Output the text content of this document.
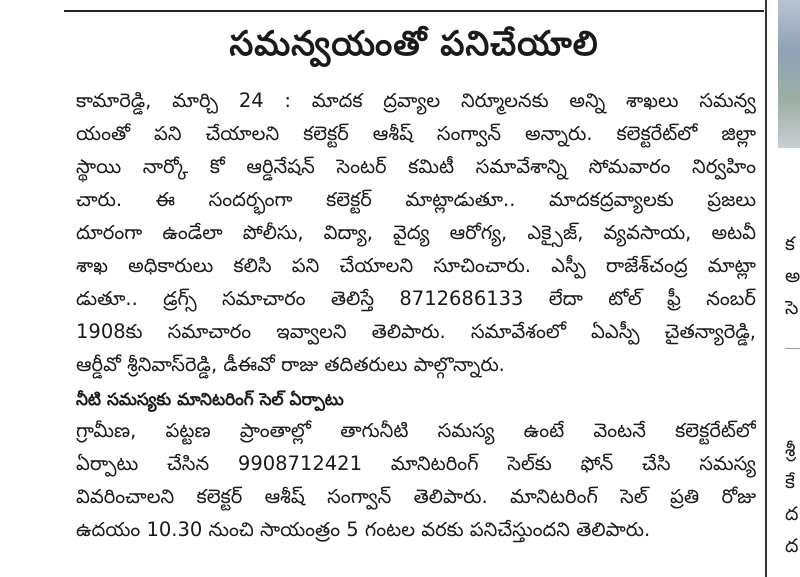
సమన్వయంతో పనిచేయాలి
కామారెడ్డి, మార్చి 24 : మాదక ద్రవ్యాల నిర్మూలనకు అన్ని శాఖలు సమన్వ
యంతో పని చేయాలని కలెక్టర్ ఆశీష్ సంగ్వాన్ అన్నారు. కలెక్టరేట్‌లో జిల్లా
స్థాయి నార్కో కో ఆర్డినేషన్ సెంటర్ కమిటీ సమావేశాన్ని సోమవారం నిర్వహిం
చారు. ఈ సందర్భంగా కలెక్టర్ మాట్లాడుతూ.. మాదకద్రవ్యాలకు ప్రజలు
దూరంగా ఉండేలా పోలీసు, విద్యా, వైద్య ఆరోగ్య, ఎక్సైజ్, వ్యవసాయ, అటవీ
శాఖ అధికారులు కలిసి పని చేయాలని సూచించారు. ఎస్పీ రాజేశ్‌చంద్ర మాట్లా
డుతూ.. డ్రగ్స్ సమాచారం తెలిస్తే 8712686133 లేదా టోల్ ఫ్రీ నంబర్
1908కు సమాచారం ఇవ్వాలని తెలిపారు. సమావేశంలో ఏఎస్పీ చైతన్యారెడ్డి,
ఆర్డీవో శ్రీనివాస్‌రెడ్డి, డీఈవో రాజు తదితరులు పాల్గొన్నారు.
నీటి సమస్యకు మానిటరింగ్ సెల్ ఏర్పాటు
గ్రామీణ, పట్టణ ప్రాంతాల్లో తాగునీటి సమస్య ఉంటే వెంటనే కలెక్టరేట్‌లో
ఏర్పాటు చేసిన 9908712421 మానిటరింగ్ సెల్‌కు ఫోన్ చేసి సమస్య
వివరించాలని కలెక్టర్ ఆశీష్ సంగ్వాన్ తెలిపారు. మానిటరింగ్ సెల్ ప్రతి రోజు
ఉదయం 10.30 నుంచి సాయంత్రం 5 గంటల వరకు పనిచేస్తుందని తెలిపారు.
క
అ
సె
శ్రీ
కే
ద
ద
